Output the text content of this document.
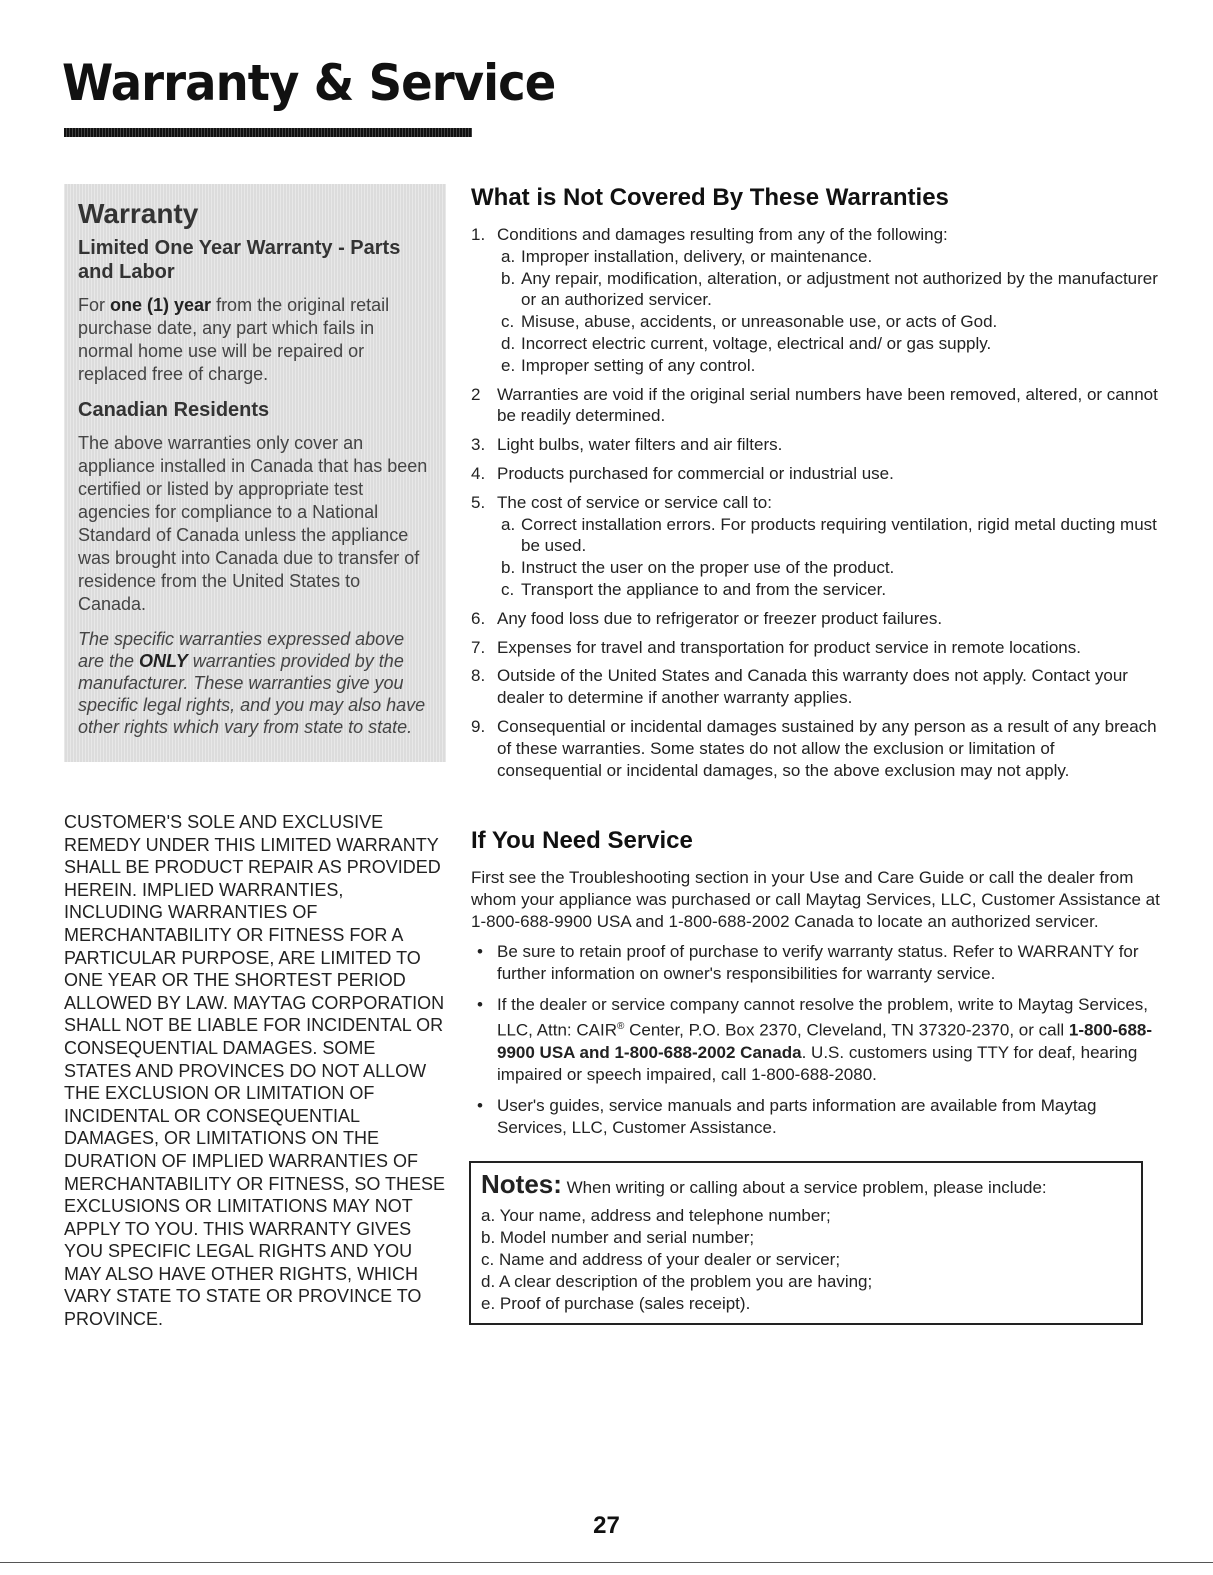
Warranty & Service
Warranty
Limited One Year Warranty - Parts and Labor

For one (1) year from the original retail purchase date, any part which fails in normal home use will be repaired or replaced free of charge.

Canadian Residents

The above warranties only cover an appliance installed in Canada that has been certified or listed by appropriate test agencies for compliance to a National Standard of Canada unless the appliance was brought into Canada due to transfer of residence from the United States to Canada.

The specific warranties expressed above are the ONLY warranties provided by the manufacturer. These warranties give you specific legal rights, and you may also have other rights which vary from state to state.

CUSTOMER'S SOLE AND EXCLUSIVE REMEDY UNDER THIS LIMITED WARRANTY SHALL BE PRODUCT REPAIR AS PROVIDED HEREIN. IMPLIED WARRANTIES, INCLUDING WARRANTIES OF MERCHANTABILITY OR FITNESS FOR A PARTICULAR PURPOSE, ARE LIMITED TO ONE YEAR OR THE SHORTEST PERIOD ALLOWED BY LAW. MAYTAG CORPORATION SHALL NOT BE LIABLE FOR INCIDENTAL OR CONSEQUENTIAL DAMAGES. SOME STATES AND PROVINCES DO NOT ALLOW THE EXCLUSION OR LIMITATION OF INCIDENTAL OR CONSEQUENTIAL DAMAGES, OR LIMITATIONS ON THE DURATION OF IMPLIED WARRANTIES OF MERCHANTABILITY OR FITNESS, SO THESE EXCLUSIONS OR LIMITATIONS MAY NOT APPLY TO YOU. THIS WARRANTY GIVES YOU SPECIFIC LEGAL RIGHTS AND YOU MAY ALSO HAVE OTHER RIGHTS, WHICH VARY STATE TO STATE OR PROVINCE TO PROVINCE.

What is Not Covered By These Warranties
1. Conditions and damages resulting from any of the following:
a. Improper installation, delivery, or maintenance.
b. Any repair, modification, alteration, or adjustment not authorized by the manufacturer or an authorized servicer.
c. Misuse, abuse, accidents, or unreasonable use, or acts of God.
d. Incorrect electric current, voltage, electrical and/ or gas supply.
e. Improper setting of any control.
2 Warranties are void if the original serial numbers have been removed, altered, or cannot be readily determined.
3. Light bulbs, water filters and air filters.
4. Products purchased for commercial or industrial use.
5. The cost of service or service call to:
a. Correct installation errors. For products requiring ventilation, rigid metal ducting must be used.
b. Instruct the user on the proper use of the product.
c. Transport the appliance to and from the servicer.
6. Any food loss due to refrigerator or freezer product failures.
7. Expenses for travel and transportation for product service in remote locations.
8. Outside of the United States and Canada this warranty does not apply. Contact your dealer to determine if another warranty applies.
9. Consequential or incidental damages sustained by any person as a result of any breach of these warranties. Some states do not allow the exclusion or limitation of consequential or incidental damages, so the above exclusion may not apply.
If You Need Service

First see the Troubleshooting section in your Use and Care Guide or call the dealer from whom your appliance was purchased or call Maytag Services, LLC, Customer Assistance at 1-800-688-9900 USA and 1-800-688-2002 Canada to locate an authorized servicer.

• Be sure to retain proof of purchase to verify warranty status. Refer to WARRANTY for further information on owner's responsibilities for warranty service.
• If the dealer or service company cannot resolve the problem, write to Maytag Services, LLC, Attn: CAIR® Center, P.O. Box 2370, Cleveland, TN 37320-2370, or call 1-800-688-9900 USA and 1-800-688-2002 Canada. U.S. customers using TTY for deaf, hearing impaired or speech impaired, call 1-800-688-2080.
• User's guides, service manuals and parts information are available from Maytag Services, LLC, Customer Assistance.

Notes: When writing or calling about a service problem, please include:

a. Your name, address and telephone number;
b. Model number and serial number;
c. Name and address of your dealer or servicer;
d. A clear description of the problem you are having;
e. Proof of purchase (sales receipt).
27
